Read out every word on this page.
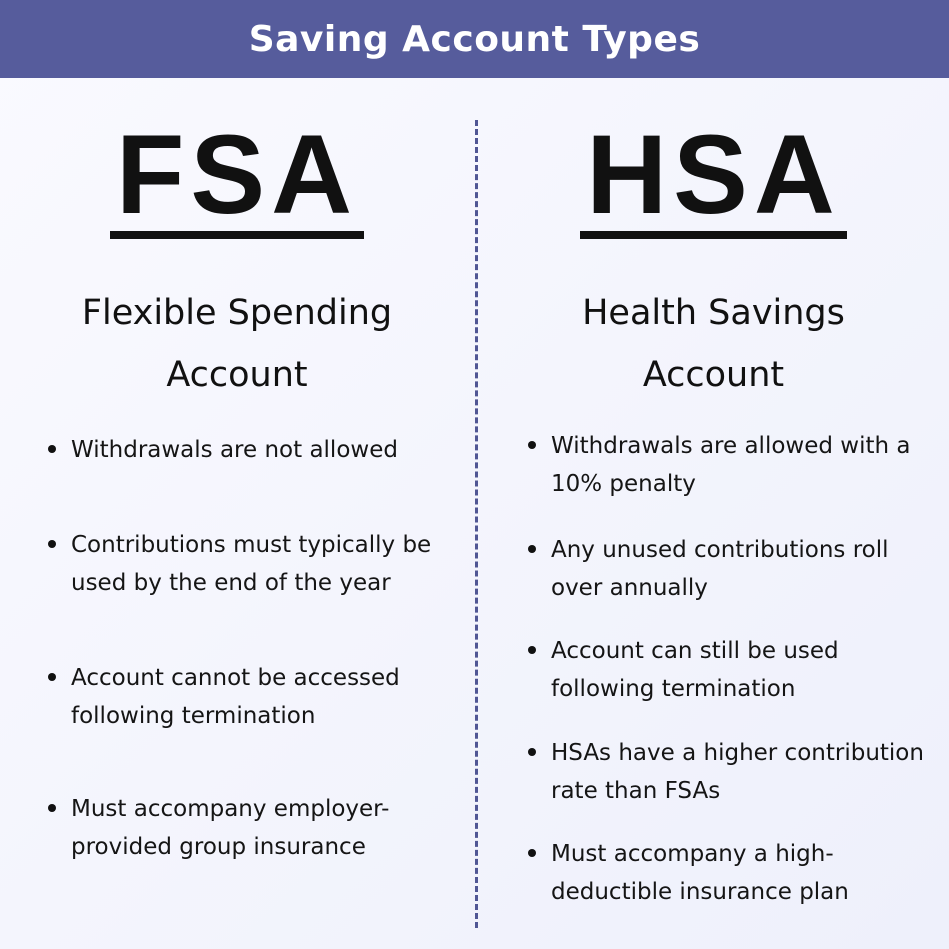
Saving Account Types
FSA
Flexible Spending
Account
Withdrawals are not allowed
Contributions must typically be used by the end of the year
Account cannot be accessed following termination
Must accompany employer-provided group insurance
HSA
Health Savings
Account
Withdrawals are allowed with a 10% penalty
Any unused contributions roll over annually
Account can still be used following termination
HSAs have a higher contribution rate than FSAs
Must accompany a high-deductible insurance plan
